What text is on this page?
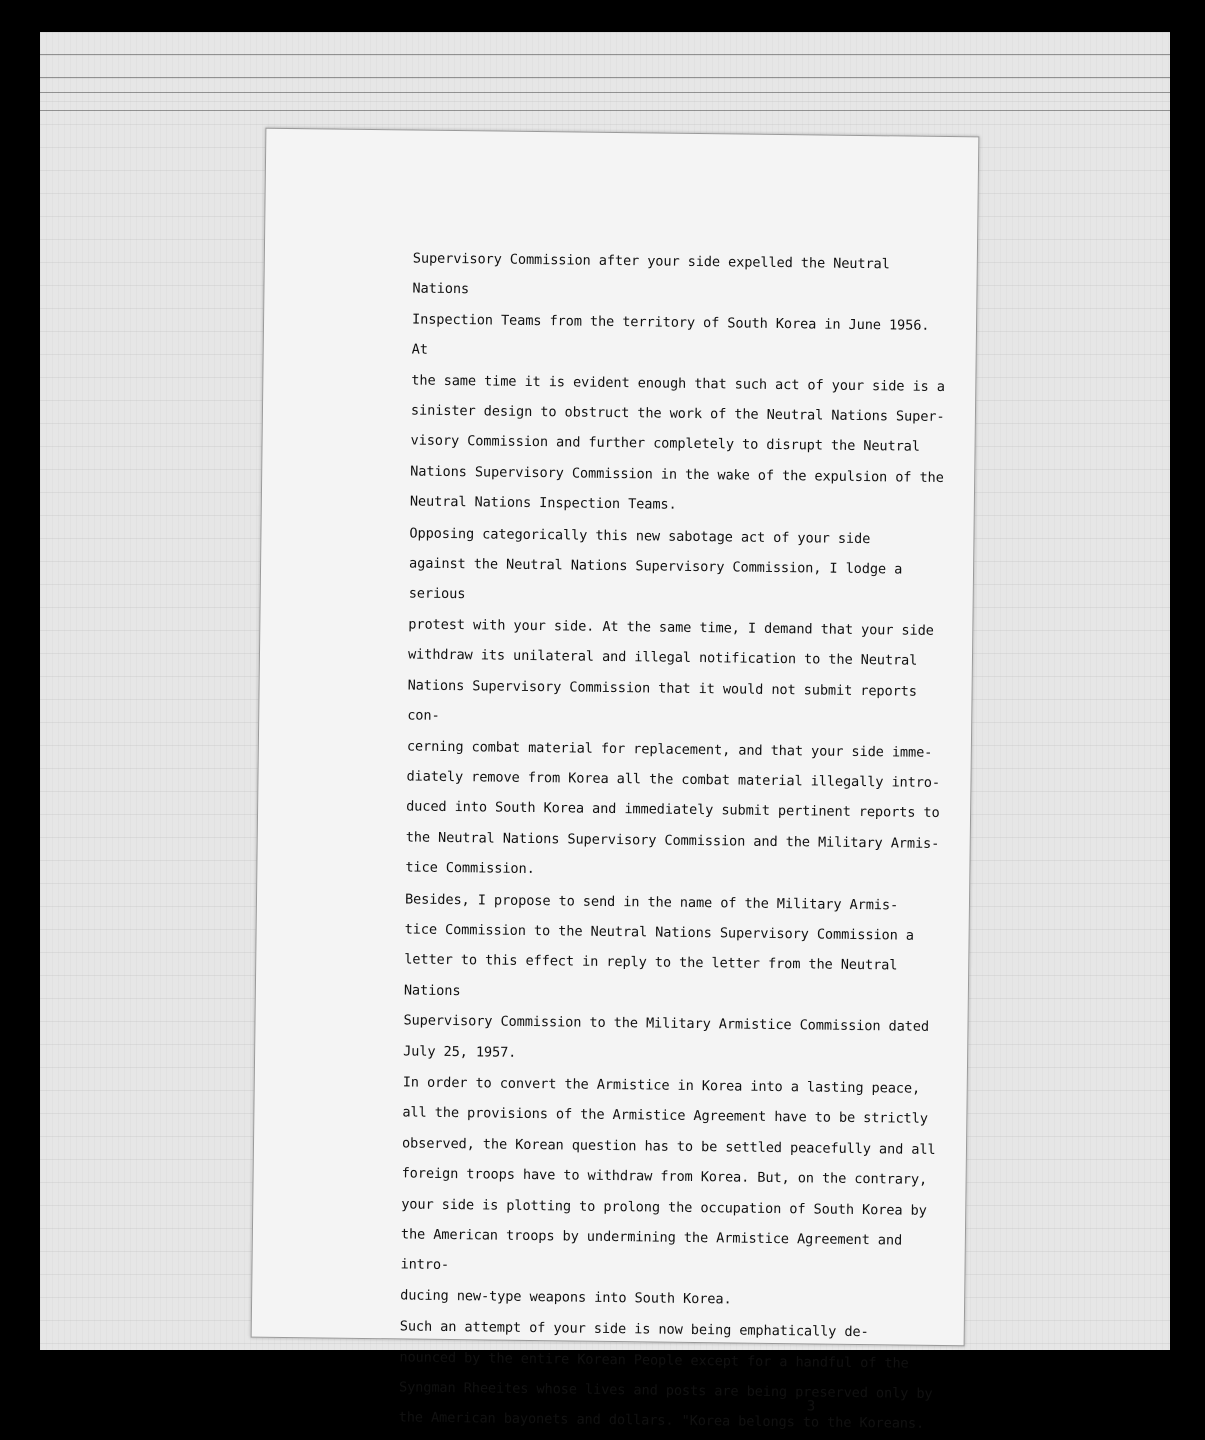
Supervisory Commission after your side expelled the Neutral Nations
Inspection Teams from the territory of South Korea in June 1956. At
the same time it is evident enough that such act of your side is a
sinister design to obstruct the work of the Neutral Nations Super-
visory Commission and further completely to disrupt the Neutral
Nations Supervisory Commission in the wake of the expulsion of the
Neutral Nations Inspection Teams.

Opposing categorically this new sabotage act of your side
against the Neutral Nations Supervisory Commission, I lodge a serious
protest with your side. At the same time, I demand that your side
withdraw its unilateral and illegal notification to the Neutral
Nations Supervisory Commission that it would not submit reports con-
cerning combat material for replacement, and that your side imme-
diately remove from Korea all the combat material illegally intro-
duced into South Korea and immediately submit pertinent reports to
the Neutral Nations Supervisory Commission and the Military Armis-
tice Commission.

Besides, I propose to send in the name of the Military Armis-
tice Commission to the Neutral Nations Supervisory Commission a
letter to this effect in reply to the letter from the Neutral Nations
Supervisory Commission to the Military Armistice Commission dated
July 25, 1957.

In order to convert the Armistice in Korea into a lasting peace,
all the provisions of the Armistice Agreement have to be strictly
observed, the Korean question has to be settled peacefully and all
foreign troops have to withdraw from Korea. But, on the contrary,
your side is plotting to prolong the occupation of South Korea by
the American troops by undermining the Armistice Agreement and intro-
ducing new-type weapons into South Korea.

Such an attempt of your side is now being emphatically de-
nounced by the entire Korean People except for a handful of the
Syngman Rheeites whose lives and posts are being preserved only by
the American bayonets and dollars. "Korea belongs to the Koreans.

3
